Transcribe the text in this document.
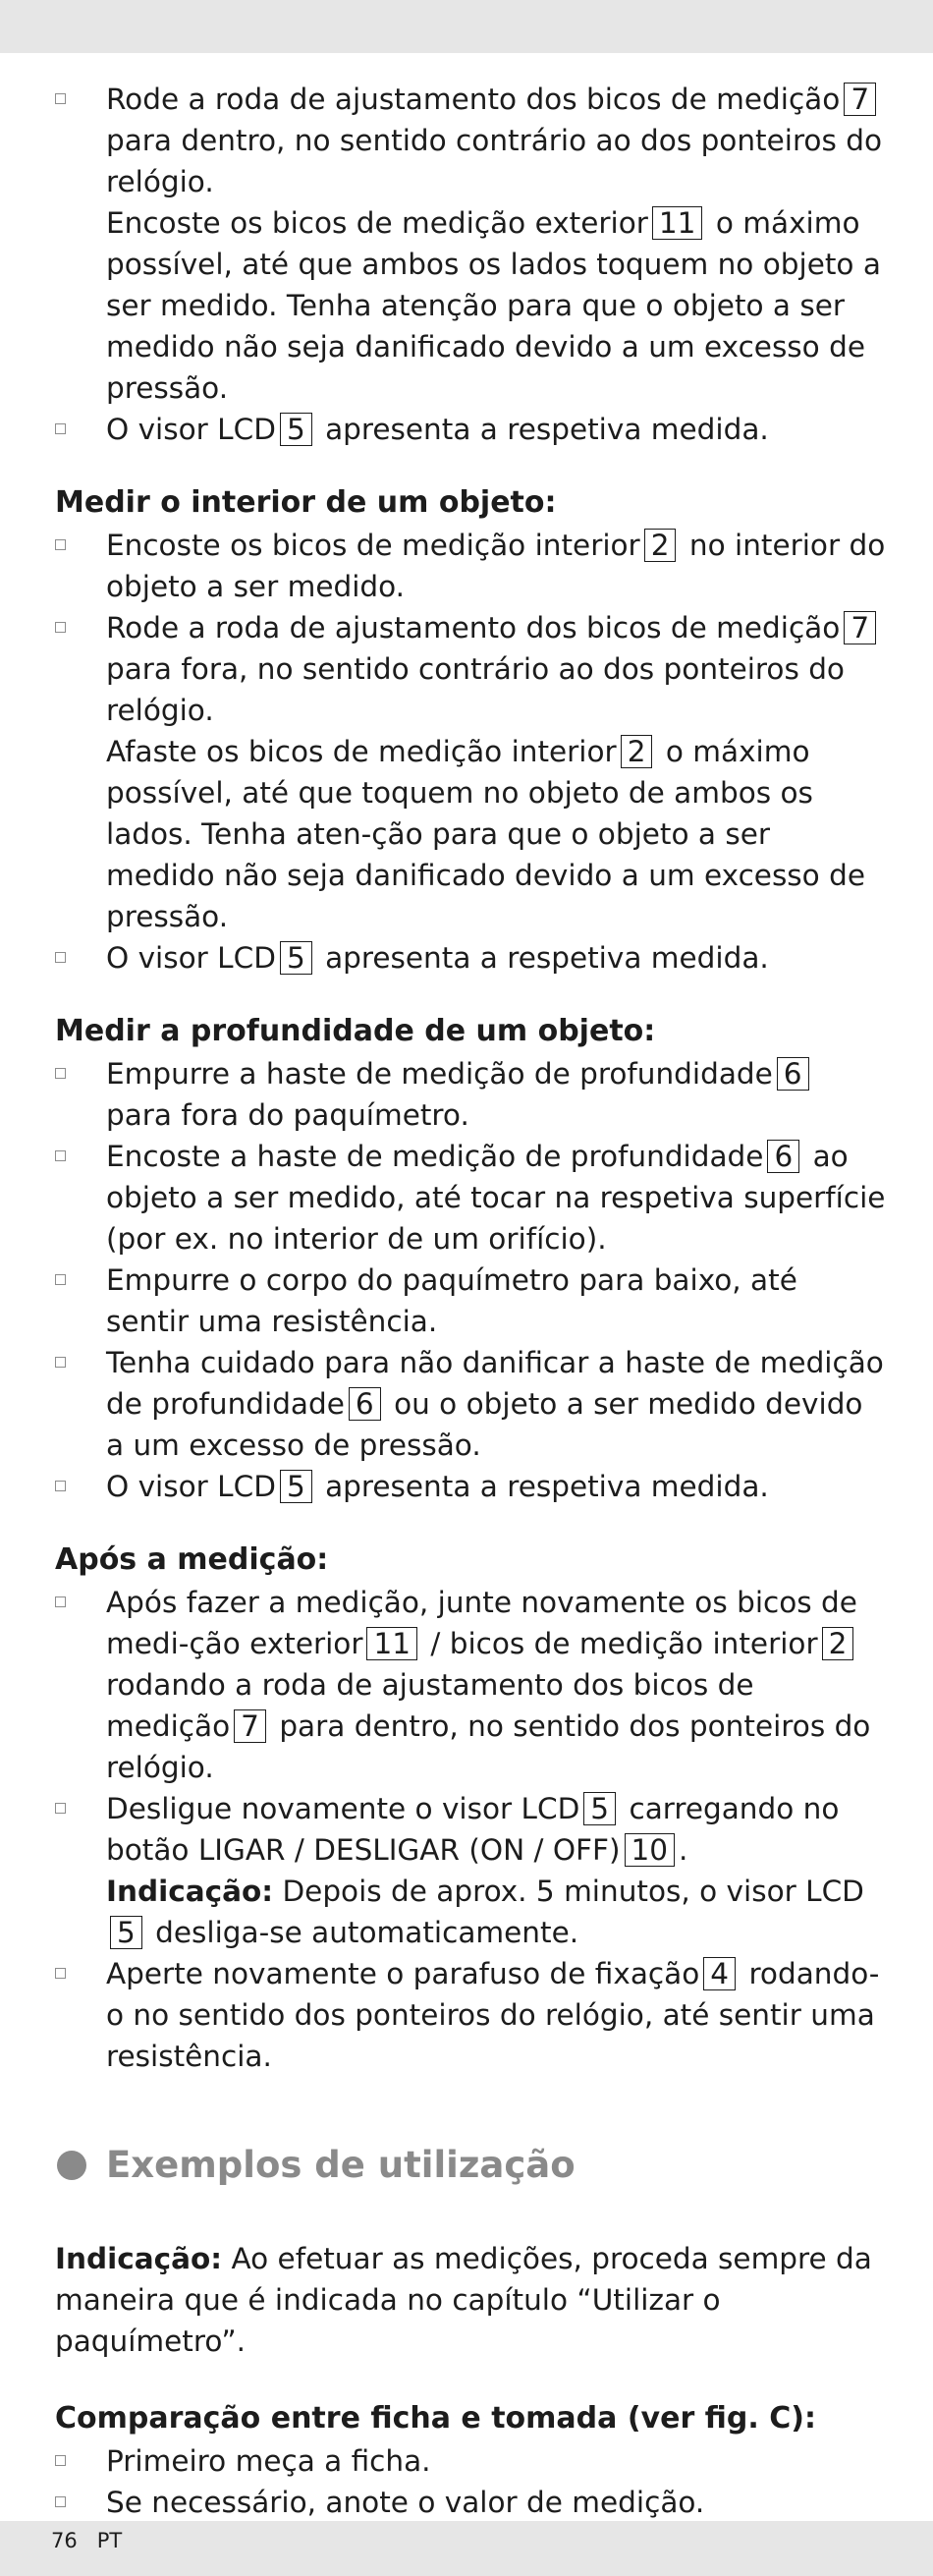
Rode a roda de ajustamento dos bicos de medição 7 para dentro, no sentido contrário ao dos ponteiros do relógio.
Encoste os bicos de medição exterior 11 o máximo possível, até que ambos os lados toquem no objeto a ser medido. Tenha atenção para que o objeto a ser medido não seja danificado devido a um excesso de pressão.
O visor LCD 5 apresenta a respetiva medida.
Medir o interior de um objeto:
Encoste os bicos de medição interior 2 no interior do objeto a ser medido.
Rode a roda de ajustamento dos bicos de medição 7 para fora, no sentido contrário ao dos ponteiros do relógio.
Afaste os bicos de medição interior 2 o máximo possível, até que toquem no objeto de ambos os lados. Tenha aten-ção para que o objeto a ser medido não seja danificado devido a um excesso de pressão.
O visor LCD 5 apresenta a respetiva medida.
Medir a profundidade de um objeto:
Empurre a haste de medição de profundidade 6 para fora do paquímetro.
Encoste a haste de medição de profundidade 6 ao objeto a ser medido, até tocar na respetiva superfície (por ex. no interior de um orifício).
Empurre o corpo do paquímetro para baixo, até sentir uma resistência.
Tenha cuidado para não danificar a haste de medição de profundidade 6 ou o objeto a ser medido devido a um excesso de pressão.
O visor LCD 5 apresenta a respetiva medida.
Após a medição:
Após fazer a medição, junte novamente os bicos de medi-ção exterior 11 / bicos de medição interior 2 rodando a roda de ajustamento dos bicos de medição 7 para dentro, no sentido dos ponteiros do relógio.
Desligue novamente o visor LCD 5 carregando no botão LIGAR / DESLIGAR (ON / OFF) 10 .
Indicação: Depois de aprox. 5 minutos, o visor LCD5 desliga-se automaticamente.
Aperte novamente o parafuso de fixação 4 rodando-o no sentido dos ponteiros do relógio, até sentir uma resistência.
Exemplos de utilização
Indicação: Ao efetuar as medições, proceda sempre da maneira que é indicada no capítulo “Utilizar o paquímetro”.
Comparação entre ficha e tomada (ver fig. C):
Primeiro meça a ficha.
Se necessário, anote o valor de medição.
76   PT
